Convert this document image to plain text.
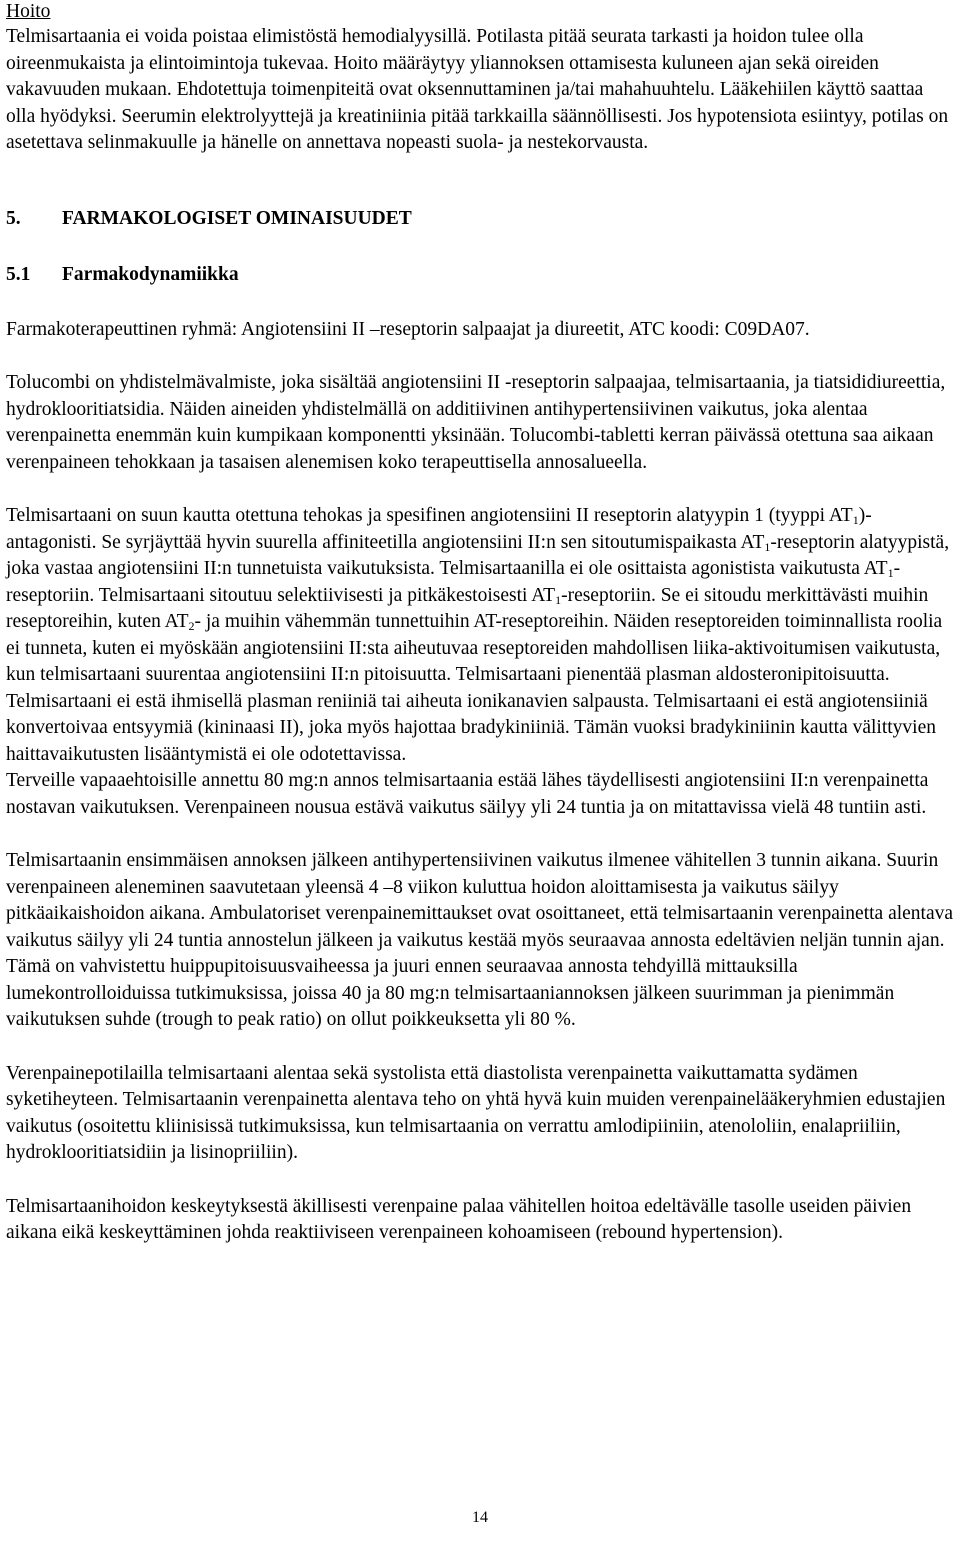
Hoito

Telmisartaania ei voida poistaa elimistöstä hemodialyysillä. Potilasta pitää seurata tarkasti ja hoidon tulee olla oireenmukaista ja elintoimintoja tukevaa. Hoito määräytyy yliannoksen ottamisesta kuluneen ajan sekä oireiden vakavuuden mukaan. Ehdotettuja toimenpiteitä ovat oksennuttaminen ja/tai mahahuuhtelu. Lääkehiilen käyttö saattaa olla hyödyksi. Seerumin elektrolyyttejä ja kreatiniinia pitää tarkkailla säännöllisesti. Jos hypotensiota esiintyy, potilas on asetettava selinmakuulle ja hänelle on annettava nopeasti suola- ja nestekorvausta.

5. FARMAKOLOGISET OMINAISUUDET
5.1 Farmakodynamiikka

Farmakoterapeuttinen ryhmä: Angiotensiini II –reseptorin salpaajat ja diureetit, ATC koodi: C09DA07.

Tolucombi on yhdistelmävalmiste, joka sisältää angiotensiini II -reseptorin salpaajaa, telmisartaania, ja tiatsididiureettia, hydroklooritiatsidia. Näiden aineiden yhdistelmällä on additiivinen antihypertensiivinen vaikutus, joka alentaa verenpainetta enemmän kuin kumpikaan komponentti yksinään. Tolucombi-tabletti kerran päivässä otettuna saa aikaan verenpaineen tehokkaan ja tasaisen alenemisen koko terapeuttisella annosalueella.

Telmisartaani on suun kautta otettuna tehokas ja spesifinen angiotensiini II reseptorin alatyypin 1 (tyyppi $AT_1)-$ antagonisti. Se syrjäyttää hyvin suurella affiniteetilla angiotensiini II:n sen sitoutumispaikasta $AT_1$-reseptorin alatyypistä, joka vastaa angiotensiini II:n tunnetuista vaikutuksista. Telmisartaanilla ei ole osittaista agonistista vaikutusta $AT_1$-reseptoriin. Telmisartaani sitoutuu selektiivisesti ja pitkäkestoisesti $AT_1$-reseptoriin. Se ei sitoudu merkittävästi muihin reseptoreihin, kuten $AT_2-$ ja muihin vähemmän tunnettuihin AT-reseptoreihin. Näiden reseptoreiden toiminnallista roolia ei tunneta, kuten ei myöskään angiotensiini II:sta aiheutuvaa reseptoreiden mahdollisen liika-aktivoitumisen vaikutusta, kun telmisartaani suurentaa angiotensiini II:n pitoisuutta. Telmisartaani pienentää plasman aldosteronipitoisuutta. Telmisartaani ei estä ihmisellä plasman reniiniä tai aiheuta ionikanavien salpausta. Telmisartaani ei estä angiotensiiniä konvertoivaa entsyymiä (kininaasi II), joka myös hajottaa bradykiniiniä. Tämän vuoksi bradykiniinin kautta välittyvien haittavaikutusten lisääntymistä ei ole odotettavissa.

Terveille vapaaehtoisille annettu 80 mg:n annos telmisartaania estää lähes täydellisesti angiotensiini II:n verenpainetta nostavan vaikutuksen. Verenpaineen nousua estävä vaikutus säilyy yli 24 tuntia ja on mitattavissa vielä 48 tuntiin asti.

Telmisartaanin ensimmäisen annoksen jälkeen antihypertensiivinen vaikutus ilmenee vähitellen 3 tunnin aikana. Suurin verenpaineen aleneminen saavutetaan yleensä 4 –8 viikon kuluttua hoidon aloittamisesta ja vaikutus säilyy pitkäaikaishoidon aikana. Ambulatoriset verenpainemittaukset ovat osoittaneet, että telmisartaanin verenpainetta alentava vaikutus säilyy yli 24 tuntia annostelun jälkeen ja vaikutus kestää myös seuraavaa annosta edeltävien neljän tunnin ajan. Tämä on vahvistettu huippupitoisuusvaiheessa ja juuri ennen seuraavaa annosta tehdyillä mittauksilla lumekontrolloiduissa tutkimuksissa, joissa 40 ja 80 mg:n telmisartaaniannoksen jälkeen suurimman ja pienimmän vaikutuksen suhde (trough to peak ratio) on ollut poikkeuksetta yli 80 %.

Verenpainepotilailla telmisartaani alentaa sekä systolista että diastolista verenpainetta vaikuttamatta sydämen syketiheyteen. Telmisartaanin verenpainetta alentava teho on yhtä hyvä kuin muiden verenpainelääkeryhmien edustajien vaikutus (osoitettu kliinisissä tutkimuksissa, kun telmisartaania on verrattu amlodipiiniin, atenololiin, enalapriiliin, hydroklooritiatsidiin ja lisinopriiliin).

Telmisartaanihoidon keskeytyksestä äkillisesti verenpaine palaa vähitellen hoitoa edeltävälle tasolle useiden päivien aikana eikä keskeyttäminen johda reaktiiviseen verenpaineen kohoamiseen (rebound hypertension).

14
